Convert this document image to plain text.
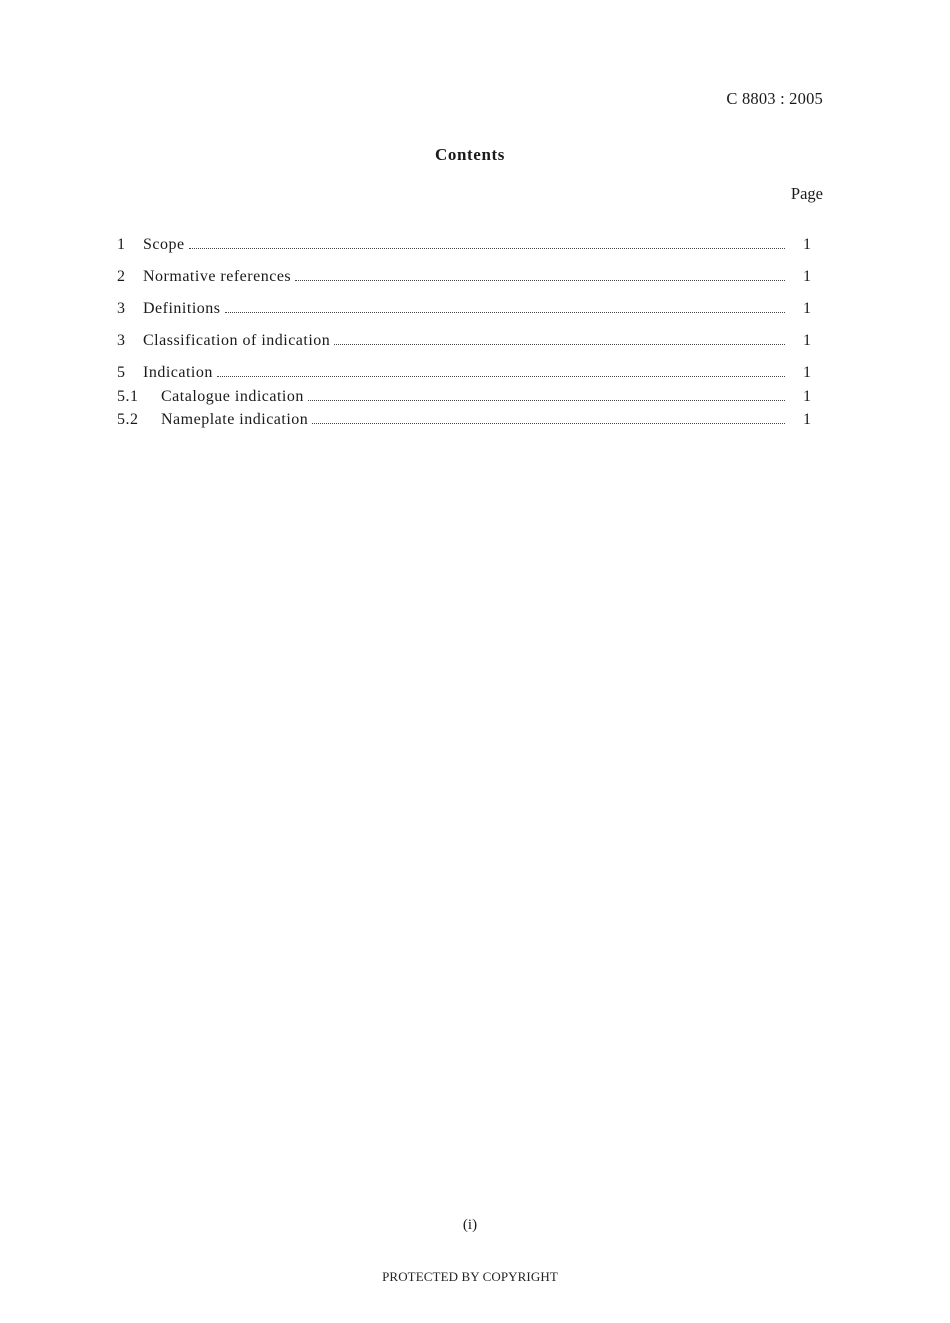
C 8803 : 2005
Contents
Page
1	Scope	1
2	Normative references	1
3	Definitions	1
3	Classification of indication	1
5	Indication	1
5.1	Catalogue indication	1
5.2	Nameplate indication	1
(i)
PROTECTED BY COPYRIGHT
